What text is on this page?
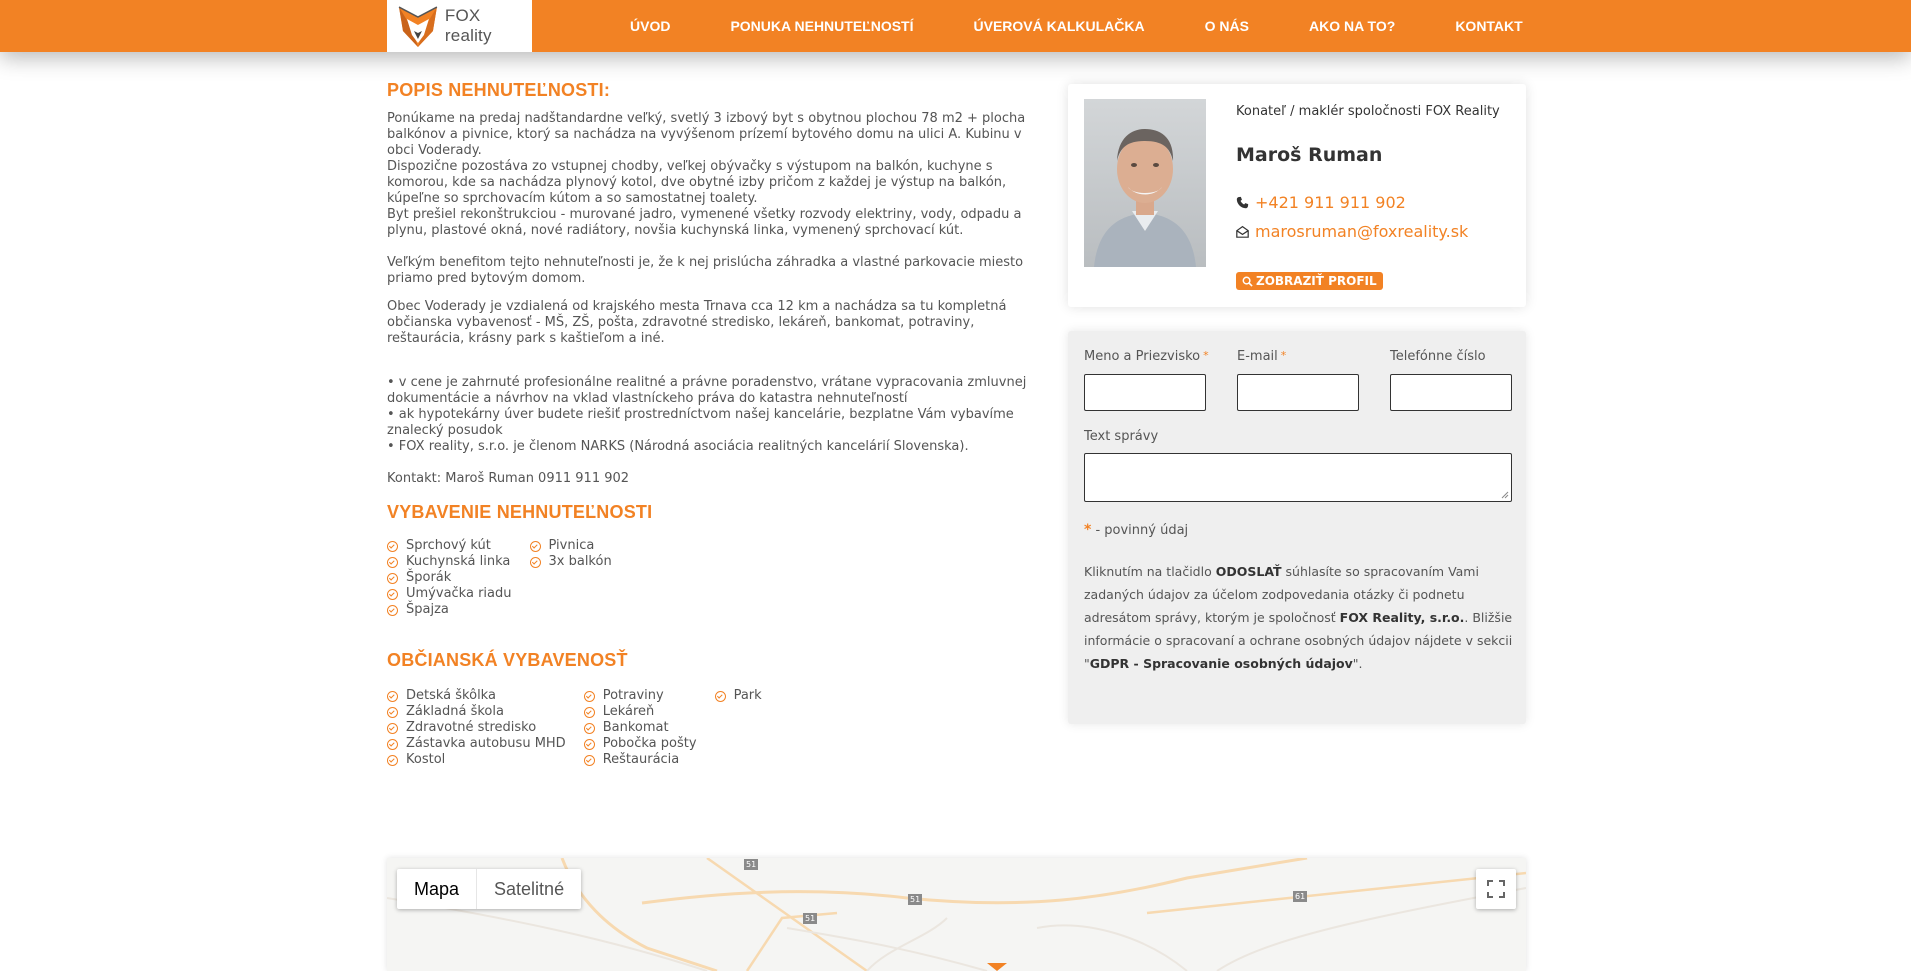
FOX reality	ÚVOD	PONUKA NEHNUTEĽNOSTÍ	ÚVEROVÁ KALKULAČKA	O NÁS	AKO NA TO?	KONTAKT
POPIS NEHNUTEĽNOSTI:

Ponúkame na predaj nadštandardne veľký, svetlý 3 izbový byt s obytnou plochou 78 m2 + plocha

balkónov a pivnice, ktorý sa nachádza na vyvýšenom prízemí bytového domu na ulici A. Kubinu v

obci Voderady.

Dispozične pozostáva zo vstupnej chodby, veľkej obývačky s výstupom na balkón, kuchyne s

komorou, kde sa nachádza plynový kotol, dve obytné izby pričom z každej je výstup na balkón,

kúpeľne so sprchovacím kútom a so samostatnej toalety.

Byt prešiel rekonštrukciou - murované jadro, vymenené všetky rozvody elektriny, vody, odpadu a

plynu, plastové okná, nové radiátory, novšia kuchynská linka, vymenený sprchovací kút.

Veľkým benefitom tejto nehnuteľnosti je, že k nej prislúcha záhradka a vlastné parkovacie miesto

priamo pred bytovým domom.

Obec Voderady je vzdialená od krajského mesta Trnava cca 12 km a nachádza sa tu kompletná

občianska vybavenosť - MŠ, ZŠ, pošta, zdravotné stredisko, lekáreň, bankomat, potraviny,

reštaurácia, krásny park s kaštieľom a iné.

• v cene je zahrnuté profesionálne realitné a právne poradenstvo, vrátane vypracovania zmluvnej

dokumentácie a návrhov na vklad vlastníckeho práva do katastra nehnuteľností

• ak hypotekárny úver budete riešiť prostredníctvom našej kancelárie, bezplatne Vám vybavíme

znalecký posudok

• FOX reality, s.r.o. je členom NARKS (Národná asociácia realitných kancelárií Slovenska).

Kontakt: Maroš Ruman 0911 911 902

VYBAVENIE NEHNUTEĽNOSTI
Sprchový kút
Kuchynská linka
Šporák
Umývačka riadu
Špajza
Pivnica
3x balkón
OBČIANSKÁ VYBAVENOSŤ
Detská škôlka
Základná škola
Zdravotné stredisko
Zástavka autobusu MHD
Kostol
Potraviny
Lekáreň
Bankomat
Pobočka pošty
Reštaurácia
Park
Konateľ / maklér spoločnosti FOX Reality
Maroš Ruman
+421 911 911 902
marosruman@foxreality.sk
ZOBRAZIŤ PROFIL
Meno a Priezvisko * E-mail *	Telefónne číslo
Text správy
* - povinný údaj
Kliknutím na tlačidlo ODOSLAŤ súhlasíte so spracovaním Vami zadaných údajov za účelom zodpovedania otázky či podnetu adresátom správy, ktorým je spoločnosť FOX Reality, s.r.o.. Bližšie informácie o spracovaní a ochrane osobných údajov nájdete v sekcii "GDPR - Spracovanie osobných údajov".
51
51
51	61
Mapa	Satelitné
